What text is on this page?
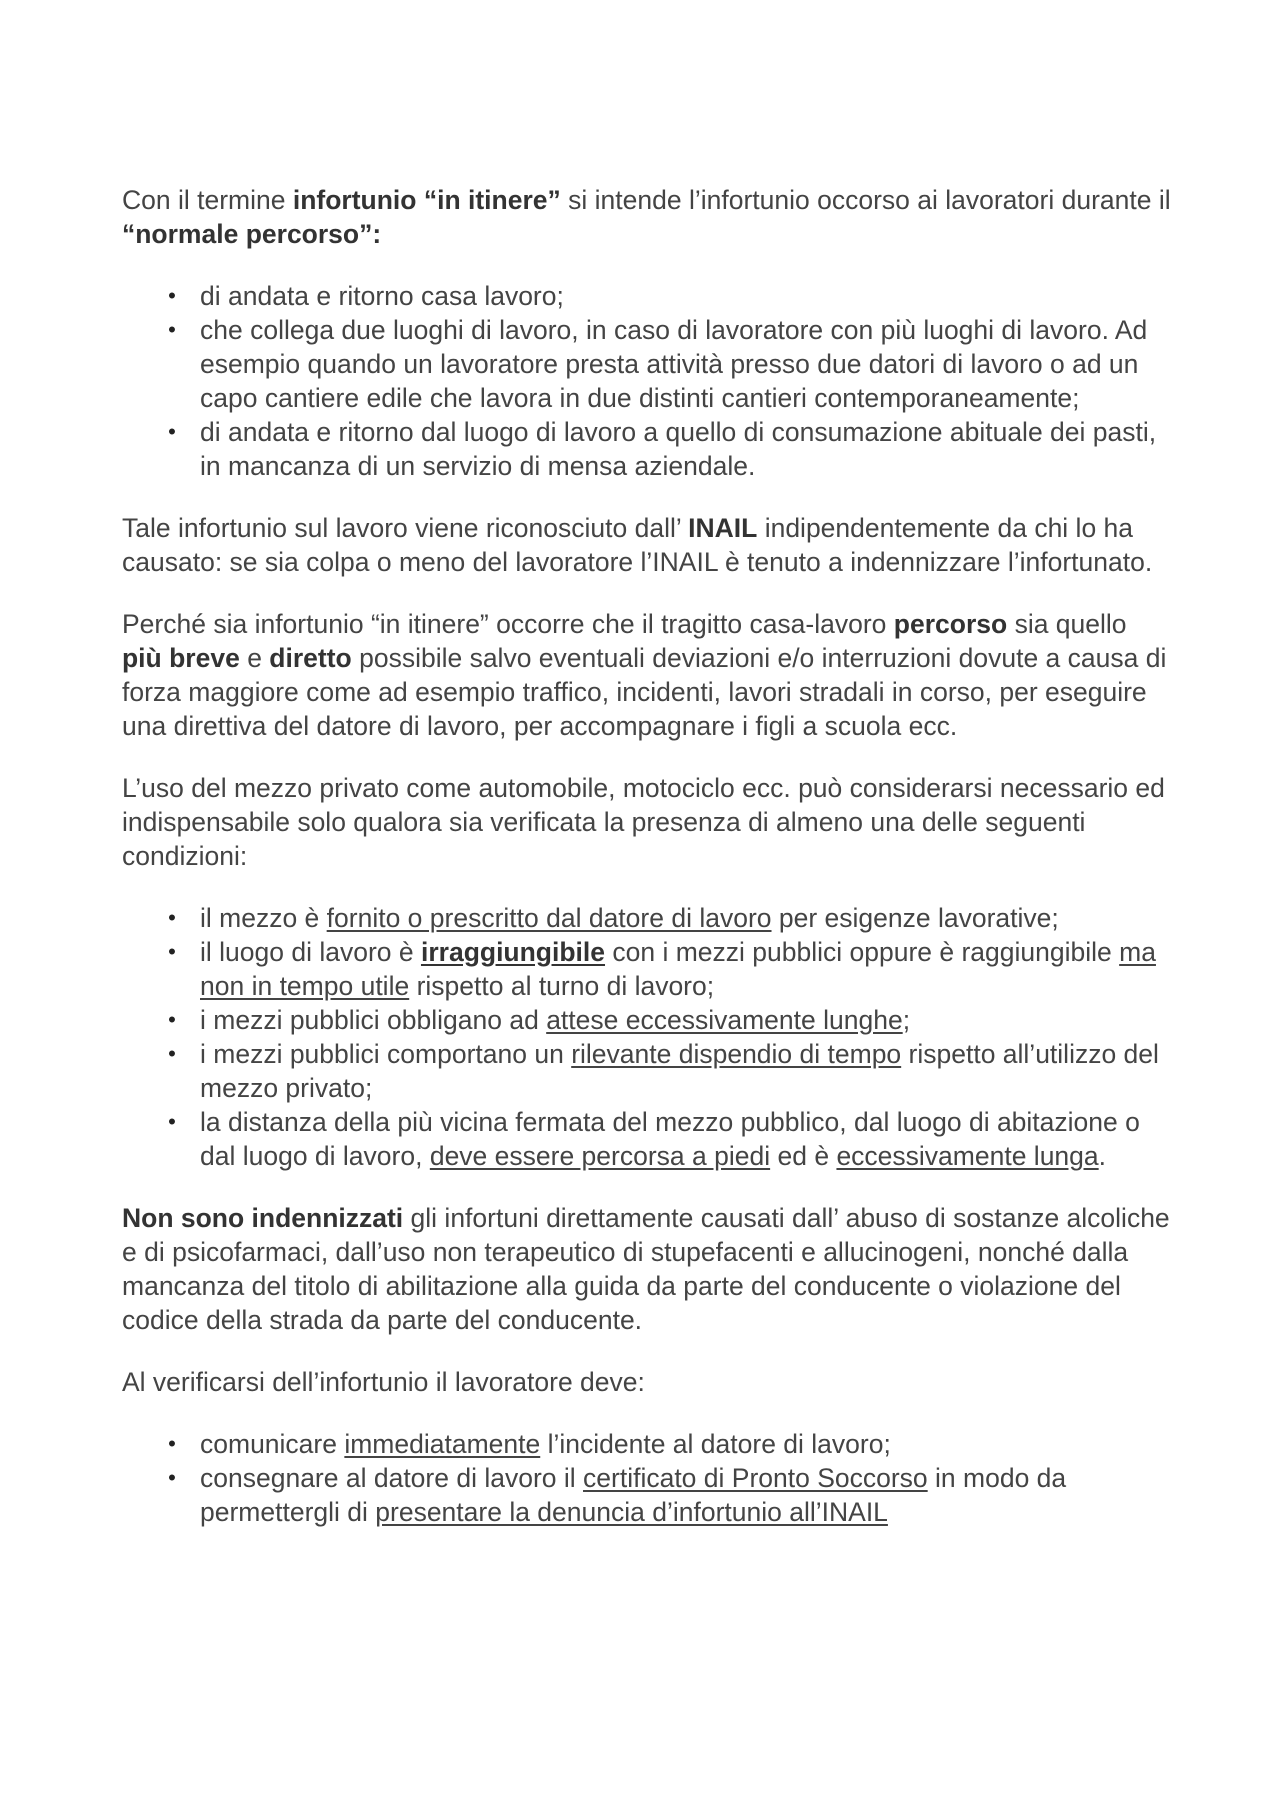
Con il termine infortunio “in itinere” si intende l’infortunio occorso ai lavoratori durante il “normale percorso”:

• di andata e ritorno casa lavoro;
• che collega due luoghi di lavoro, in caso di lavoratore con più luoghi di lavoro. Ad esempio quando un lavoratore presta attività presso due datori di lavoro o ad un capo cantiere edile che lavora in due distinti cantieri contemporaneamente;
• di andata e ritorno dal luogo di lavoro a quello di consumazione abituale dei pasti, in mancanza di un servizio di mensa aziendale.

Tale infortunio sul lavoro viene riconosciuto dall’ INAIL indipendentemente da chi lo ha causato: se sia colpa o meno del lavoratore l’INAIL è tenuto a indennizzare l’infortunato.

Perché sia infortunio “in itinere” occorre che il tragitto casa-lavoro percorso sia quello più breve e diretto possibile salvo eventuali deviazioni e/o interruzioni dovute a causa di forza maggiore come ad esempio traffico, incidenti, lavori stradali in corso, per eseguire una direttiva del datore di lavoro, per accompagnare i figli a scuola ecc.

L’uso del mezzo privato come automobile, motociclo ecc. può considerarsi necessario ed indispensabile solo qualora sia verificata la presenza di almeno una delle seguenti condizioni:

• il mezzo è fornito o prescritto dal datore di lavoro per esigenze lavorative;
• il luogo di lavoro è irraggiungibile con i mezzi pubblici oppure è raggiungibile ma non in tempo utile rispetto al turno di lavoro;
• i mezzi pubblici obbligano ad attese eccessivamente lunghe;
• i mezzi pubblici comportano un rilevante dispendio di tempo rispetto all’utilizzo del mezzo privato;
• la distanza della più vicina fermata del mezzo pubblico, dal luogo di abitazione o dal luogo di lavoro, deve essere percorsa a piedi ed è eccessivamente lunga.

Non sono indennizzati gli infortuni direttamente causati dall’ abuso di sostanze alcoliche e di psicofarmaci, dall’uso non terapeutico di stupefacenti e allucinogeni, nonché dalla mancanza del titolo di abilitazione alla guida da parte del conducente o violazione del codice della strada da parte del conducente.

Al verificarsi dell’infortunio il lavoratore deve:

• comunicare immediatamente l’incidente al datore di lavoro;
• consegnare al datore di lavoro il certificato di Pronto Soccorso in modo da permettergli di presentare la denuncia d’infortunio all’INAIL
